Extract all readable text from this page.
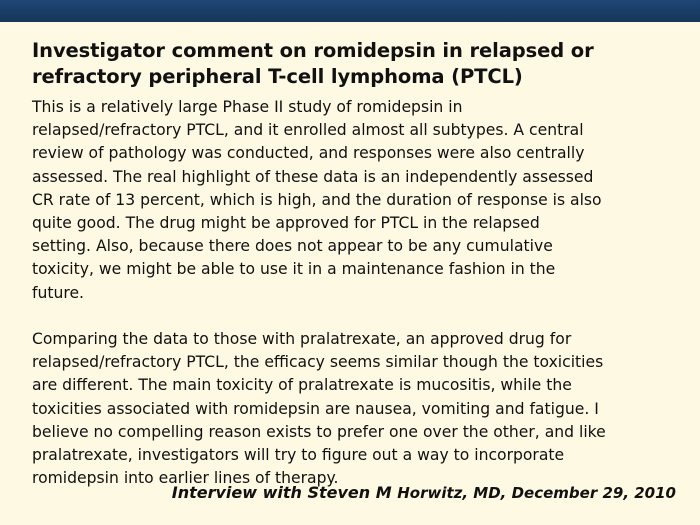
Investigator comment on romidepsin in relapsed or
refractory peripheral T-cell lymphoma (PTCL)

This is a relatively large Phase II study of romidepsin in
relapsed/refractory PTCL, and it enrolled almost all subtypes. A central
review of pathology was conducted, and responses were also centrally
assessed. The real highlight of these data is an independently assessed
CR rate of 13 percent, which is high, and the duration of response is also
quite good. The drug might be approved for PTCL in the relapsed
setting. Also, because there does not appear to be any cumulative
toxicity, we might be able to use it in a maintenance fashion in the
future.

Comparing the data to those with pralatrexate, an approved drug for
relapsed/refractory PTCL, the efficacy seems similar though the toxicities
are different. The main toxicity of pralatrexate is mucositis, while the
toxicities associated with romidepsin are nausea, vomiting and fatigue. I
believe no compelling reason exists to prefer one over the other, and like
pralatrexate, investigators will try to figure out a way to incorporate
romidepsin into earlier lines of therapy.

Interview with Steven M Horwitz, MD, December 29, 2010
